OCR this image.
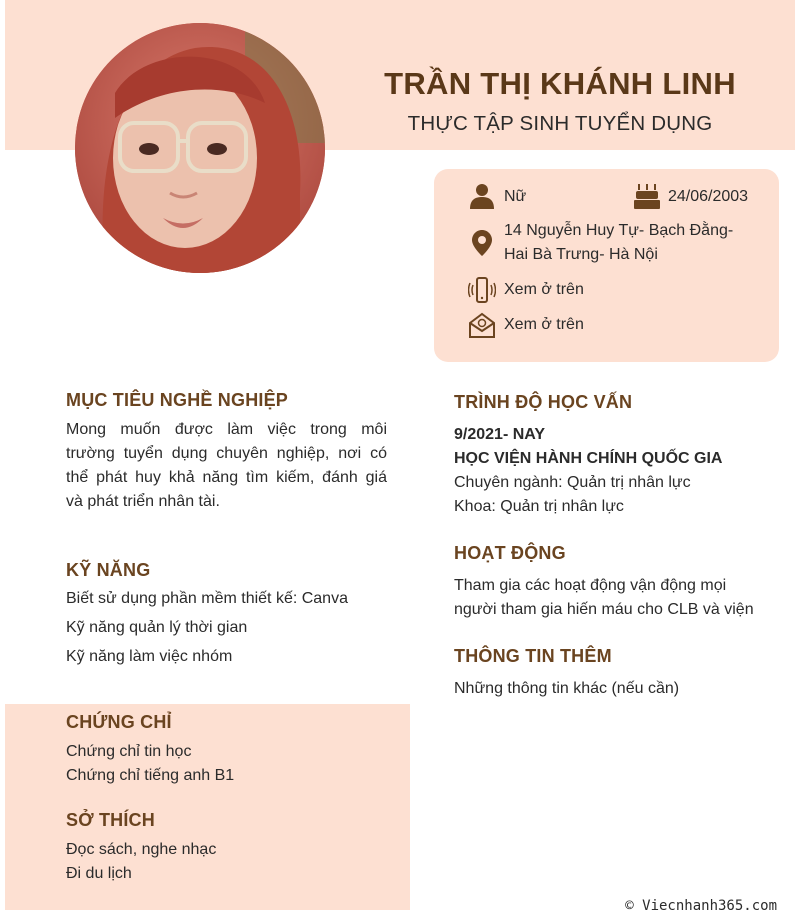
TRẦN THỊ KHÁNH LINH
THỰC TẬP SINH TUYỂN DỤNG
Nữ	24/06/2003
14 Nguyễn Huy Tự- Bạch Đằng-
Hai Bà Trưng- Hà Nội
Xem ở trên
Xem ở trên
MỤC TIÊU NGHỀ NGHIỆP
Mong muốn được làm việc trong môi
trường tuyển dụng chuyên nghiệp, nơi có
thể phát huy khả năng tìm kiếm, đánh giá
và phát triển nhân tài.
KỸ NĂNG
Biết sử dụng phần mềm thiết kế: Canva
Kỹ năng quản lý thời gian
Kỹ năng làm việc nhóm
CHỨNG CHỈ
Chứng chỉ tin học
Chứng chỉ tiếng anh B1
SỞ THÍCH
Đọc sách, nghe nhạc
Đi du lịch
TRÌNH ĐỘ HỌC VẤN
9/2021- NAY
HỌC VIỆN HÀNH CHÍNH QUỐC GIA
Chuyên ngành: Quản trị nhân lực
Khoa: Quản trị nhân lực
HOẠT ĐỘNG
Tham gia các hoạt động vận động mọi
người tham gia hiến máu cho CLB và viện
THÔNG TIN THÊM
Những thông tin khác (nếu cần)
© Viecnhanh365.com
